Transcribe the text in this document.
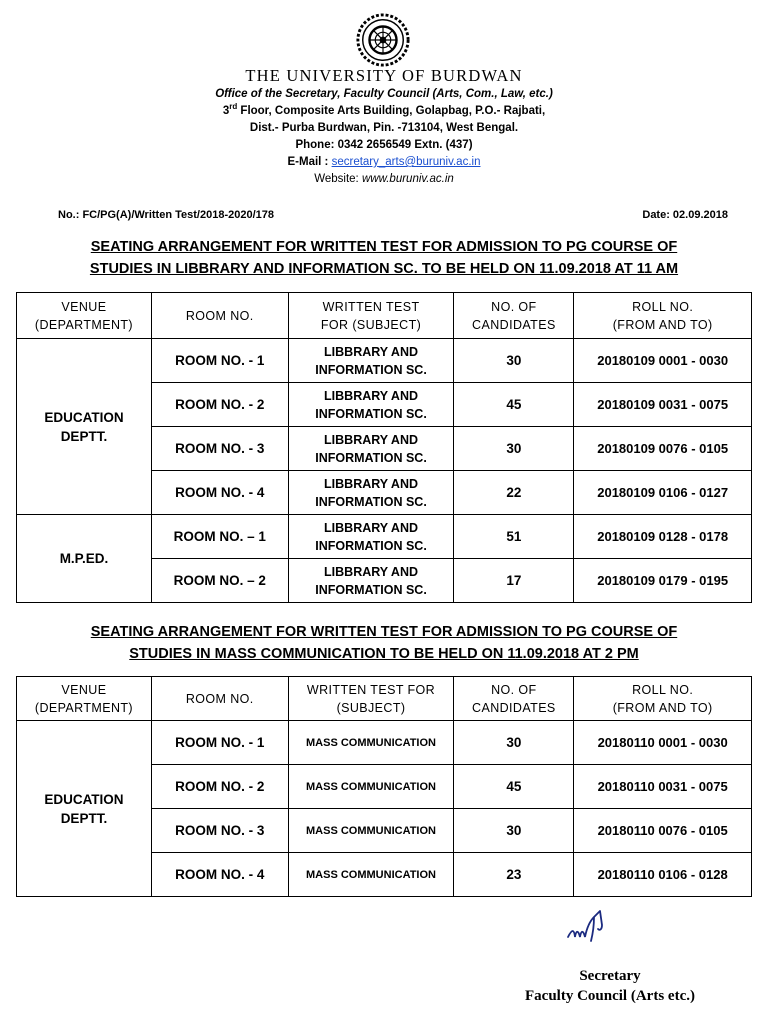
THE UNIVERSITY OF BURDWAN
Office of the Secretary, Faculty Council (Arts, Com., Law, etc.)
3rd Floor, Composite Arts Building, Golapbag, P.O.- Rajbati,
Dist.- Purba Burdwan, Pin. -713104, West Bengal.
Phone: 0342 2656549 Extn. (437)
E-Mail : secretary_arts@buruniv.ac.in
Website: www.buruniv.ac.in
No.: FC/PG(A)/Written Test/2018-2020/178	Date: 02.09.2018
SEATING ARRANGEMENT FOR WRITTEN TEST FOR ADMISSION TO PG COURSE OF
STUDIES IN LIBBRARY AND INFORMATION SC. TO BE HELD ON 11.09.2018 AT 11 AM
VENUE
(DEPARTMENT)	ROOM NO.	WRITTEN TEST
FOR (SUBJECT)	NO. OF
CANDIDATES	ROLL NO.
(FROM AND TO)
EDUCATION
DEPTT.	ROOM NO. - 1	LIBBRARY AND
INFORMATION SC.	30	20180109 0001 - 0030
	ROOM NO. - 2	LIBBRARY AND
INFORMATION SC.	45	20180109 0031 - 0075
	ROOM NO. - 3	LIBBRARY AND
INFORMATION SC.	30	20180109 0076 - 0105
	ROOM NO. - 4	LIBBRARY AND
INFORMATION SC.	22	20180109 0106 - 0127
M.P.ED.	ROOM NO. – 1	LIBBRARY AND
INFORMATION SC.	51	20180109 0128 - 0178
	ROOM NO. – 2	LIBBRARY AND
INFORMATION SC.	17	20180109 0179 - 0195
SEATING ARRANGEMENT FOR WRITTEN TEST FOR ADMISSION TO PG COURSE OF
STUDIES IN MASS COMMUNICATION TO BE HELD ON 11.09.2018 AT 2 PM
VENUE
(DEPARTMENT)	ROOM NO.	WRITTEN TEST FOR
(SUBJECT)	NO. OF
CANDIDATES	ROLL NO.
(FROM AND TO)
EDUCATION
DEPTT.	ROOM NO. - 1	MASS COMMUNICATION	30	20180110 0001 - 0030
	ROOM NO. - 2	MASS COMMUNICATION	45	20180110 0031 - 0075
	ROOM NO. - 3	MASS COMMUNICATION	30	20180110 0076 - 0105
	ROOM NO. - 4	MASS COMMUNICATION	23	20180110 0106 - 0128
Secretary
Faculty Council (Arts etc.)
